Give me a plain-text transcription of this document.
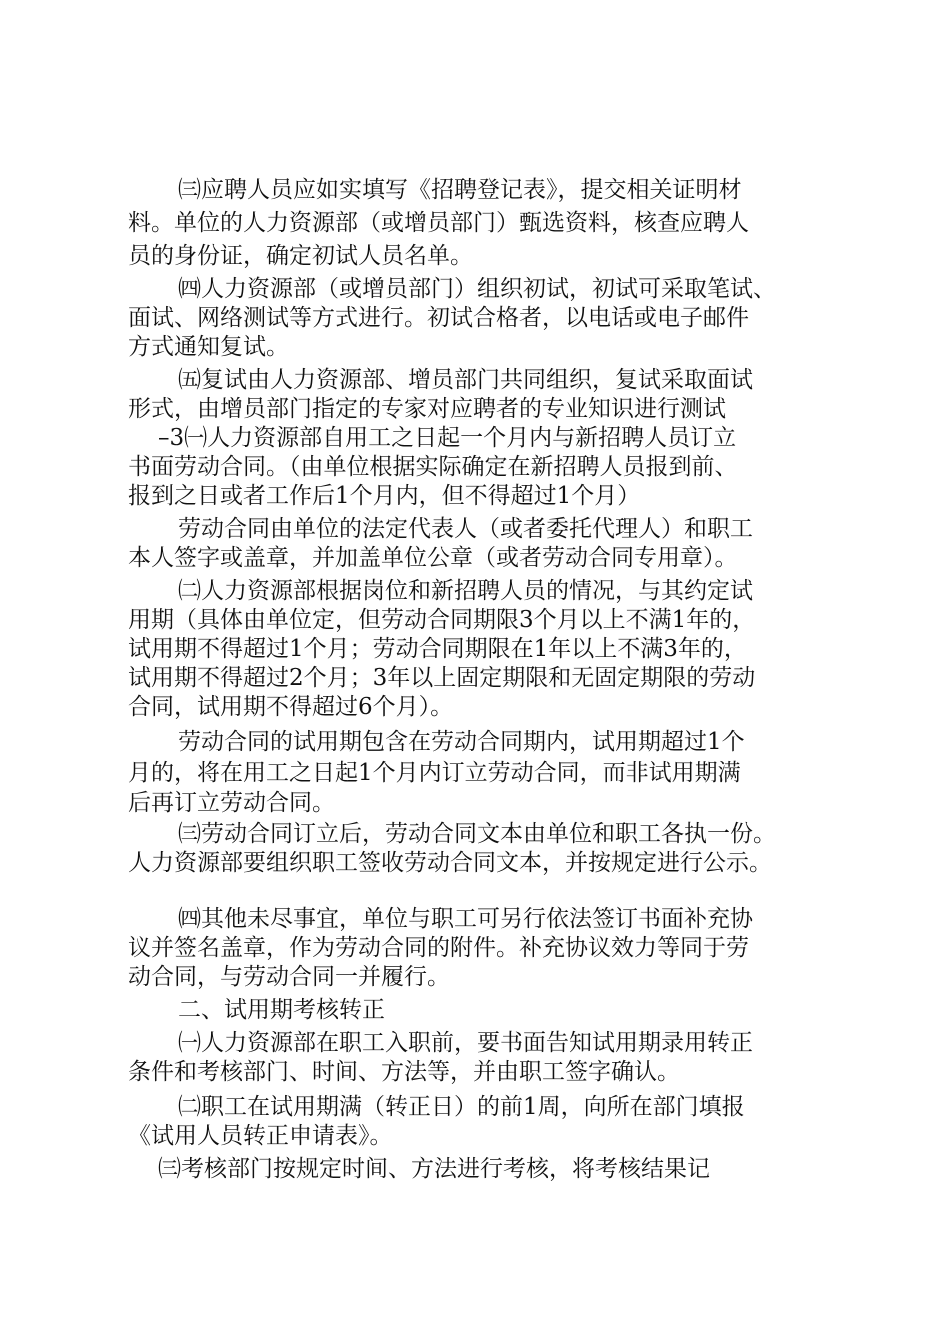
㈢应聘人员应如实填写《招聘登记表》，提交相关证明材
料。单位的人力资源部（或增员部门）甄选资料，核查应聘人
员的身份证，确定初试人员名单。
㈣人力资源部（或增员部门）组织初试，初试可采取笔试、
面试、网络测试等方式进行。初试合格者，以电话或电子邮件
方式通知复试。
㈤复试由人力资源部、增员部门共同组织，复试采取面试
形式，由增员部门指定的专家对应聘者的专业知识进行测试
–3㈠人力资源部自用工之日起一个月内与新招聘人员订立
书面劳动合同。（由单位根据实际确定在新招聘人员报到前、
报到之日或者工作后1个月内，但不得超过1个月）
劳动合同由单位的法定代表人（或者委托代理人）和职工
本人签字或盖章，并加盖单位公章（或者劳动合同专用章）。
㈡人力资源部根据岗位和新招聘人员的情况，与其约定试
用期（具体由单位定，但劳动合同期限3个月以上不满1年的，
试用期不得超过1个月；劳动合同期限在1年以上不满3年的，
试用期不得超过2个月；3年以上固定期限和无固定期限的劳动
合同，试用期不得超过6个月）。
劳动合同的试用期包含在劳动合同期内，试用期超过1个
月的，将在用工之日起1个月内订立劳动合同，而非试用期满
后再订立劳动合同。
㈢劳动合同订立后，劳动合同文本由单位和职工各执一份。
人力资源部要组织职工签收劳动合同文本，并按规定进行公示。
㈣其他未尽事宜，单位与职工可另行依法签订书面补充协
议并签名盖章，作为劳动合同的附件。补充协议效力等同于劳
动合同，与劳动合同一并履行。
二、试用期考核转正
㈠人力资源部在职工入职前，要书面告知试用期录用转正
条件和考核部门、时间、方法等，并由职工签字确认。
㈡职工在试用期满（转正日）的前1周，向所在部门填报
《试用人员转正申请表》。
㈢考核部门按规定时间、方法进行考核，将考核结果记
